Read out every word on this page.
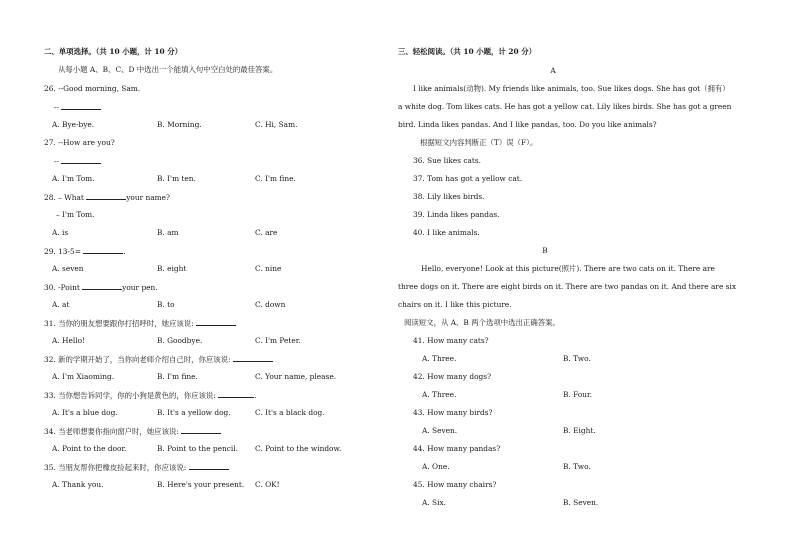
二、单项选择。（共 10 小题，计 10 分）
从每小题 A、B、C、D 中选出一个能填入句中空白处的最佳答案。
26. --Good morning, Sam.
--
A. Bye-bye.	B. Morning.	C. Hi, Sam.
27. --How are you?
--
A. I'm Tom.	B. I'm ten.	C. I'm fine.
28. – What	your name?
– I'm Tom.
A. is	B. am	C. are
29. 13-5=	.
A. seven	B. eight	C. nine
30. -Point	your pen.
A. at	B. to	C. down
31. 当你的朋友想要跟你打招呼时，她应该说:
A. Hello!	B. Goodbye.	C. I'm Peter.
32. 新的学期开始了，当你向老师介绍自己时，你应该说:
A. I'm Xiaoming.	B. I'm fine.	C. Your name, please.
33. 当你想告诉同学，你的小狗是黄色的，你应该说:	.
A. It's a blue dog.	B. It's a yellow dog.	C. It's a black dog.
34. 当老师想要你指向窗户时，她应该说:
A. Point to the door.	B. Point to the pencil. C. Point to the window.
35. 当朋友帮你把橡皮捡起来时，你应该说:
A. Thank you.	B. Here's your present. C. OK!
三、轻松阅读。（共 10 小题，计 20 分）
A
I like animals(动物). My friends like animals, too. Sue likes dogs. She has got（拥有）
a white dog. Tom likes cats. He has got a yellow cat. Lily likes birds. She has got a green
bird. Linda likes pandas. And I like pandas, too. Do you like animals?
根据短文内容判断正（T）误（F）。
36. Sue likes cats.
37. Tom has got a yellow cat.
38. Lily likes birds.
39. Linda likes pandas.
40. I like animals.
B
Hello, everyone! Look at this picture(照片). There are two cats on it. There are
three dogs on it. There are eight birds on it. There are two pandas on it. And there are six
chairs on it. I like this picture.
阅读短文，从 A、B 两个选项中选出正确答案。
41. How many cats?
A. Three.	B. Two.
42. How many dogs?
A. Three.	B. Four.
43. How many birds?
A. Seven.	B. Eight.
44. How many pandas?
A. One.	B. Two.
45. How many chairs?
A. Six.	B. Seven.
